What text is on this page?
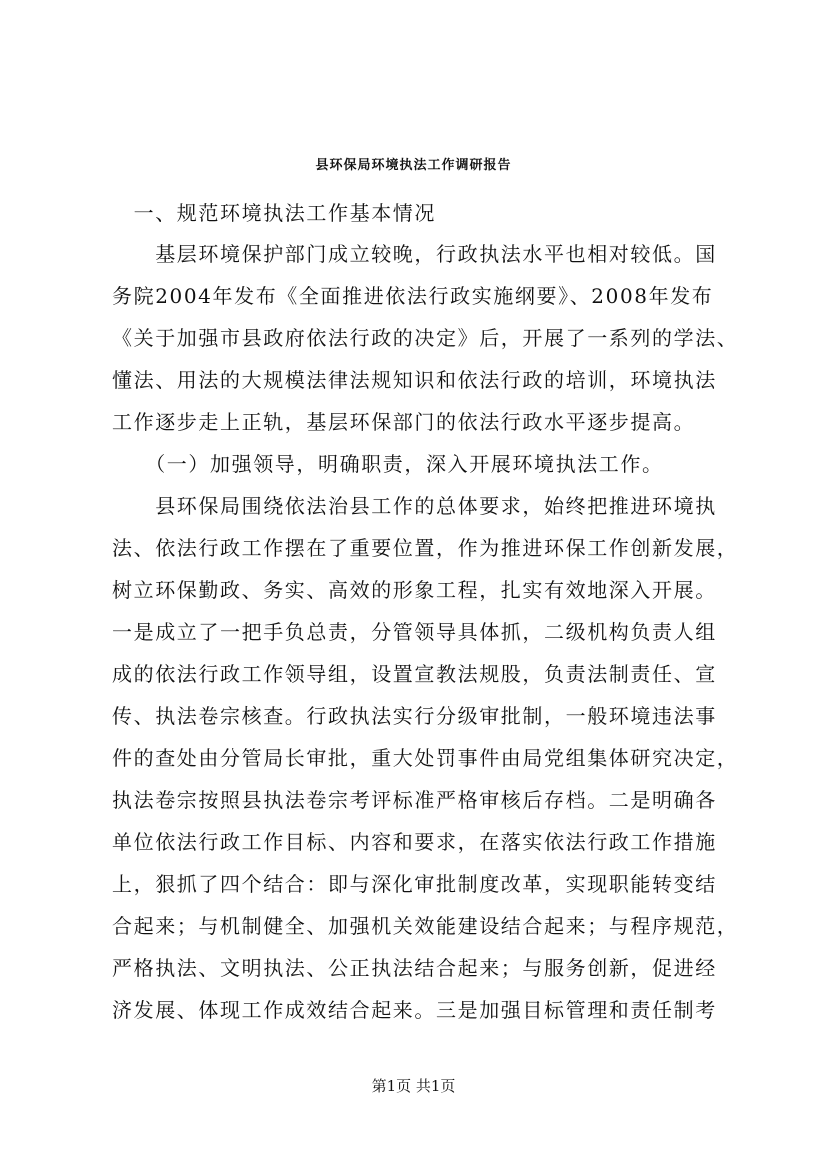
县环保局环境执法工作调研报告
　一、规范环境执法工作基本情况
　　基层环境保护部门成立较晚，行政执法水平也相对较低。国
务院2004年发布《全面推进依法行政实施纲要》、2008年发布
《关于加强市县政府依法行政的决定》后，开展了一系列的学法、
懂法、用法的大规模法律法规知识和依法行政的培训，环境执法
工作逐步走上正轨，基层环保部门的依法行政水平逐步提高。
　　（一）加强领导，明确职责，深入开展环境执法工作。
　　县环保局围绕依法治县工作的总体要求，始终把推进环境执
法、依法行政工作摆在了重要位置，作为推进环保工作创新发展，
树立环保勤政、务实、高效的形象工程，扎实有效地深入开展。
一是成立了一把手负总责，分管领导具体抓，二级机构负责人组
成的依法行政工作领导组，设置宣教法规股，负责法制责任、宣
传、执法卷宗核查。行政执法实行分级审批制，一般环境违法事
件的查处由分管局长审批，重大处罚事件由局党组集体研究决定，
执法卷宗按照县执法卷宗考评标准严格审核后存档。二是明确各
单位依法行政工作目标、内容和要求，在落实依法行政工作措施
上，狠抓了四个结合：即与深化审批制度改革，实现职能转变结
合起来；与机制健全、加强机关效能建设结合起来；与程序规范，
严格执法、文明执法、公正执法结合起来；与服务创新，促进经
济发展、体现工作成效结合起来。三是加强目标管理和责任制考
第1页 共1页
